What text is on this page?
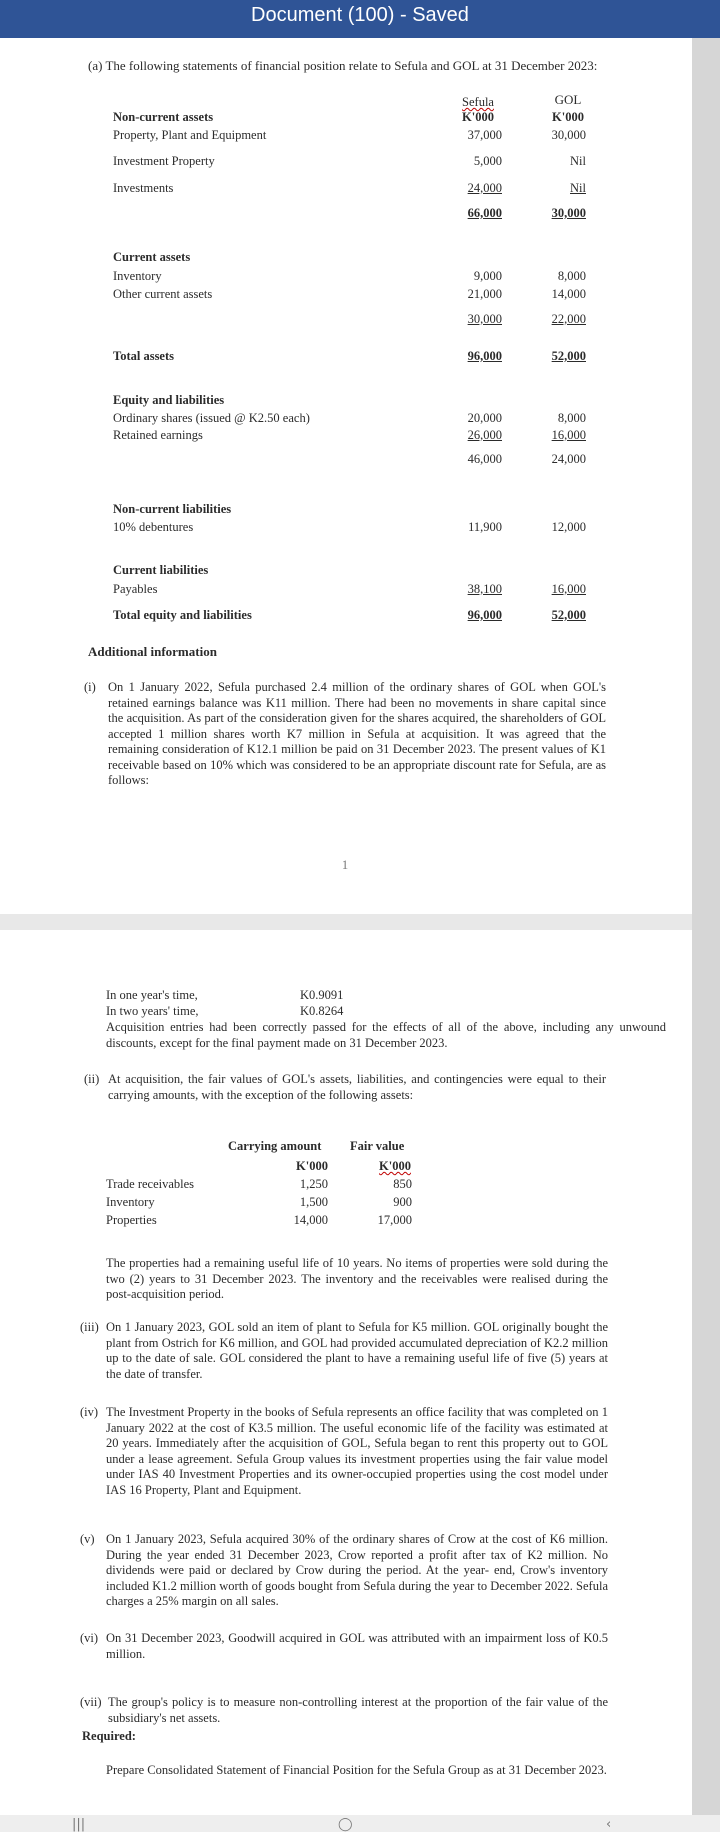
Document (100) - Saved
(a) The following statements of financial position relate to Sefula and GOL at 31 December 2023:
Sefula	GOL
Non-current assets	K'000	K'000
Property, Plant and Equipment	37,000	30,000
Investment Property	5,000	Nil
Investments	24,000	Nil
66,000	30,000
Current assets
Inventory	9,000	8,000
Other current assets	21,000	14,000
30,000	22,000
Total assets	96,000	52,000
Equity and liabilities
Ordinary shares (issued @ K2.50 each)	20,000	8,000
Retained earnings	26,000	16,000
46,000	24,000
Non-current liabilities
10% debentures	11,900	12,000
Current liabilities
Payables	38,100	16,000
Total equity and liabilities	96,000	52,000
Additional information
(i) On 1 January 2022, Sefula purchased 2.4 million of the ordinary shares of GOL when GOL's retained earnings balance was K11 million. There had been no movements in share capital since the acquisition. As part of the consideration given for the shares acquired, the shareholders of GOL accepted 1 million shares worth K7 million in Sefula at acquisition. It was agreed that the remaining consideration of K12.1 million be paid on 31 December 2023. The present values of K1 receivable based on 10% which was considered to be an appropriate discount rate for Sefula, are as follows:
1
In one year's time,	K0.9091
In two years' time,	K0.8264
Acquisition entries had been correctly passed for the effects of all of the above, including any unwound discounts, except for the final payment made on 31 December 2023.
(ii) At acquisition, the fair values of GOL's assets, liabilities, and contingencies were equal to their carrying amounts, with the exception of the following assets:
Carrying amount Fair value
K'000	K'000
Trade receivables	1,250	850
Inventory	1,500	900
Properties	14,000	17,000
The properties had a remaining useful life of 10 years. No items of properties were sold during the two (2) years to 31 December 2023. The inventory and the receivables were realised during the post-acquisition period.
(iii) On 1 January 2023, GOL sold an item of plant to Sefula for K5 million. GOL originally bought the plant from Ostrich for K6 million, and GOL had provided accumulated depreciation of K2.2 million up to the date of sale. GOL considered the plant to have a remaining useful life of five (5) years at the date of transfer.
(iv) The Investment Property in the books of Sefula represents an office facility that was completed on 1 January 2022 at the cost of K3.5 million. The useful economic life of the facility was estimated at 20 years. Immediately after the acquisition of GOL, Sefula began to rent this property out to GOL under a lease agreement. Sefula Group values its investment properties using the fair value model under IAS 40 Investment Properties and its owner-occupied properties using the cost model under IAS 16 Property, Plant and Equipment.
(v) On 1 January 2023, Sefula acquired 30% of the ordinary shares of Crow at the cost of K6 million. During the year ended 31 December 2023, Crow reported a profit after tax of K2 million. No dividends were paid or declared by Crow during the period. At the year- end, Crow's inventory included K1.2 million worth of goods bought from Sefula during the year to December 2022. Sefula charges a 25% margin on all sales.
(vi) On 31 December 2023, Goodwill acquired in GOL was attributed with an impairment loss of K0.5 million.
(vii) The group's policy is to measure non-controlling interest at the proportion of the fair value of the subsidiary's net assets.
Required:
Prepare Consolidated Statement of Financial Position for the Sefula Group as at 31 December 2023.
|||	◯	‹
